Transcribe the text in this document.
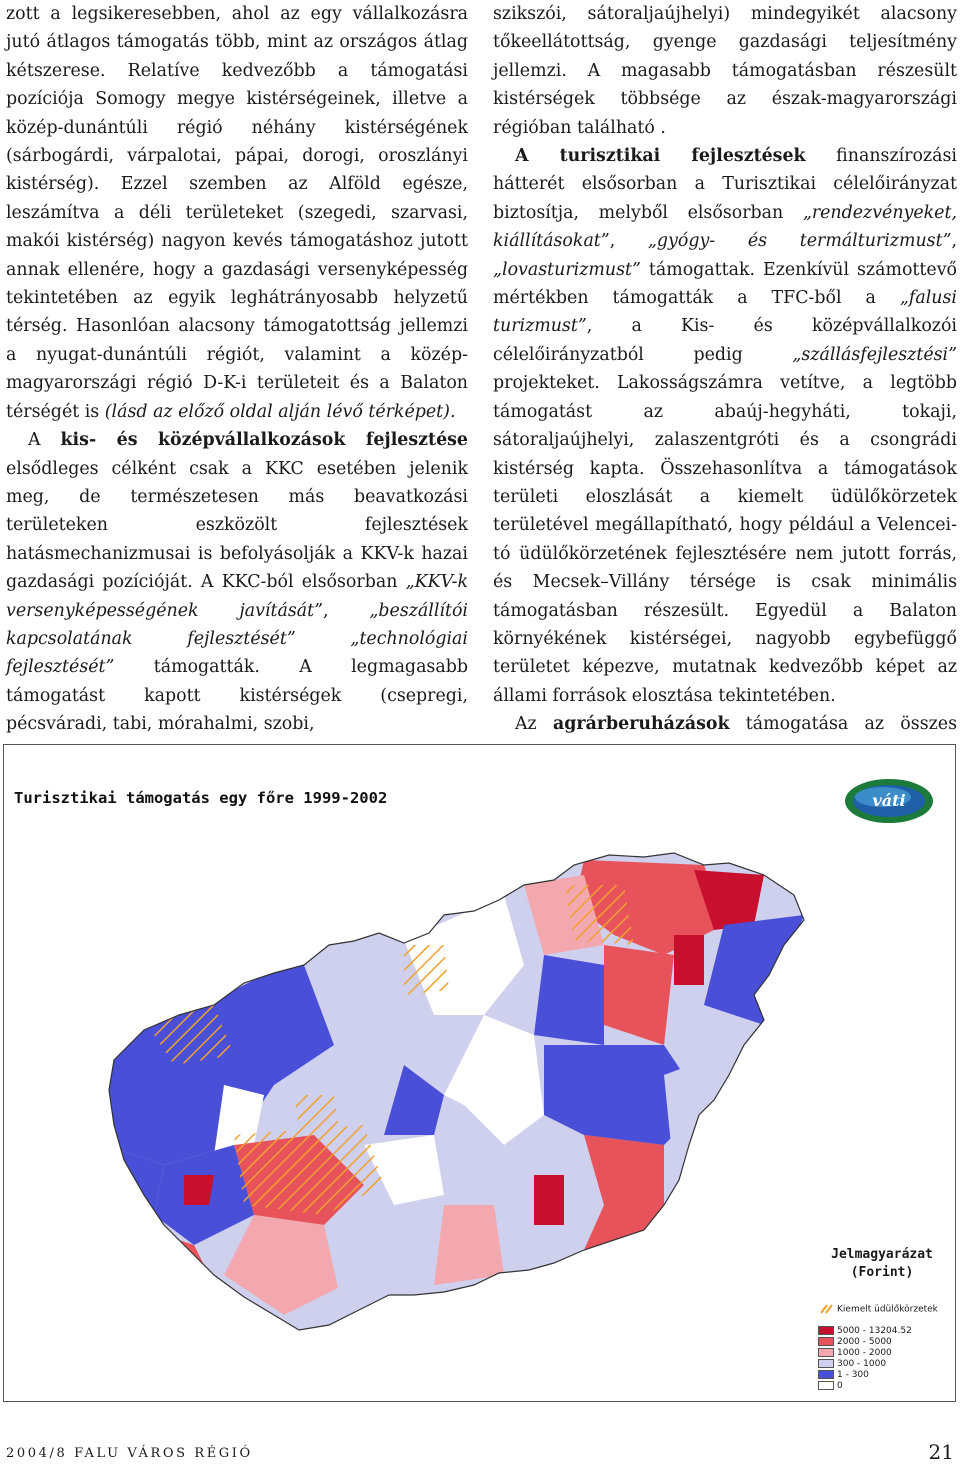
zott a legsikeresebben, ahol az egy vállalkozásra jutó átlagos támogatás több, mint az országos átlag kétszerese. Relatíve kedvezőbb a támogatási pozíciója Somogy megye kistérségeinek, illetve a közép-dunántúli régió néhány kistérségének (sárbogárdi, várpalotai, pápai, dorogi, oroszlányi kistérség). Ezzel szemben az Alföld egésze, leszámítva a déli területeket (szegedi, szarvasi, makói kistérség) nagyon kevés támogatáshoz jutott annak ellenére, hogy a gazdasági versenyképesség tekintetében az egyik leghátrányosabb helyzetű térség. Hasonlóan alacsony támogatottság jellemzi a nyugat-dunántúli régiót, valamint a közép-magyarországi régió D-K-i területeit és a Balaton térségét is (lásd az előző oldal alján lévő térképet).

A kis- és középvállalkozások fejlesztése elsődleges célként csak a KKC esetében jelenik meg, de természetesen más beavatkozási területeken eszközölt fejlesztések hatásmechanizmusai is befolyásolják a KKV-k hazai gazdasági pozícióját. A KKC-ból elsősorban „KKV-k versenyképességének javítását”, „beszállítói kapcsolatának fejlesztését” „technológiai fejlesztését” támogatták. A legmagasabb támogatást kapott kistérségek (csepregi, pécsváradi, tabi, mórahalmi, szobi,

szikszói, sátoraljaújhelyi) mindegyikét alacsony tőkeellátottság, gyenge gazdasági teljesítmény jellemzi. A magasabb támogatásban részesült kistérségek többsége az észak-magyarországi régióban található .

A turisztikai fejlesztések finanszírozási hátterét elsősorban a Turisztikai célelőirányzat biztosítja, melyből elsősorban „rendezvényeket, kiállításokat”, „gyógy- és termálturizmust”, „lovasturizmust” támogattak. Ezenkívül számottevő mértékben támogatták a TFC-ből a „falusi turizmust”, a Kis- és középvállalkozói célelőirányzatból pedig „szállásfejlesztési” projekteket. Lakosságszámra vetítve, a legtöbb támogatást az abaúj-hegyháti, tokaji, sátoraljaújhelyi, zalaszentgróti és a csongrádi kistérség kapta. Összehasonlítva a támogatások területi eloszlását a kiemelt üdülőkörzetek területével megállapítható, hogy például a Velencei-tó üdülőkörzetének fejlesztésére nem jutott forrás, és Mecsek–Villány térsége is csak minimális támogatásban részesült. Egyedül a Balaton környékének kistérségei, nagyobb egybefüggő területet képezve, mutatnak kedvezőbb képet az állami források elosztása tekintetében.

Az agrárberuházások támogatása az összes

Turisztikai támogatás egy főre 1999-2002	váti
Jelmagyarázat
(Forint)
Kiemelt üdülőkörzetek
5000 - 13204.52
2000 - 5000
1000 - 2000
300 - 1000
1 - 300
0
2004/8 FALU VÁROS RÉGIÓ	21
